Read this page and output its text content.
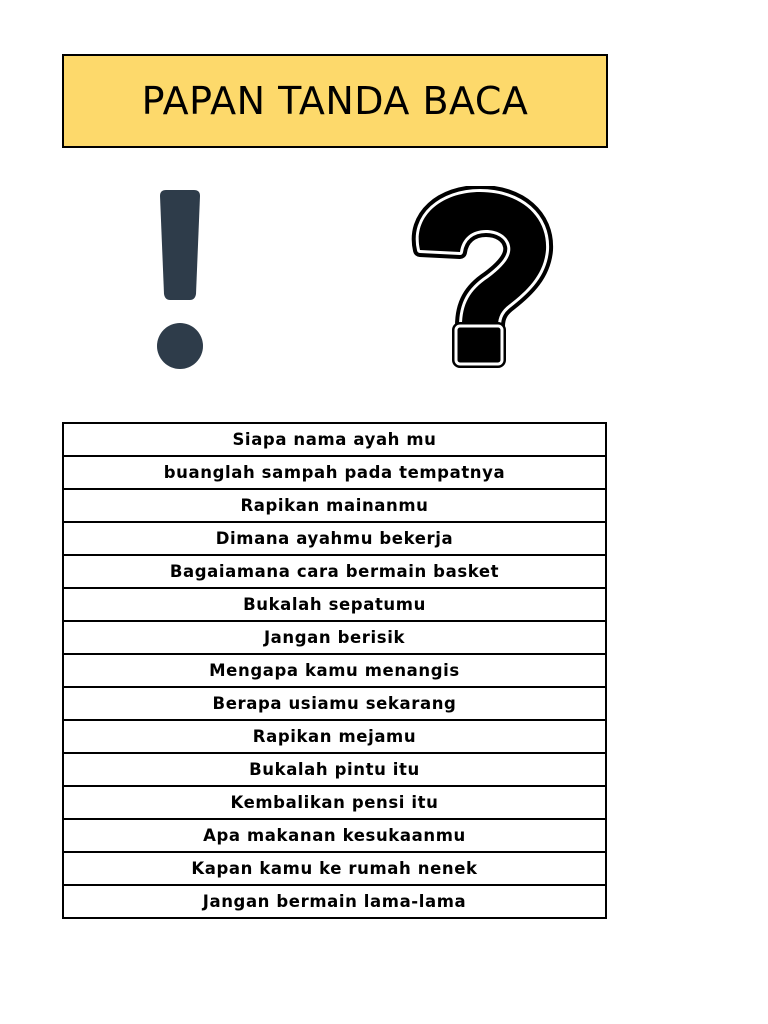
PAPAN TANDA BACA
Siapa nama ayah mu
buanglah sampah pada tempatnya
Rapikan mainanmu
Dimana ayahmu bekerja
Bagaiamana cara bermain basket
Bukalah sepatumu
Jangan berisik
Mengapa kamu menangis
Berapa usiamu sekarang
Rapikan mejamu
Bukalah pintu itu
Kembalikan pensi itu
Apa makanan kesukaanmu
Kapan kamu ke rumah nenek
Jangan bermain lama-lama
